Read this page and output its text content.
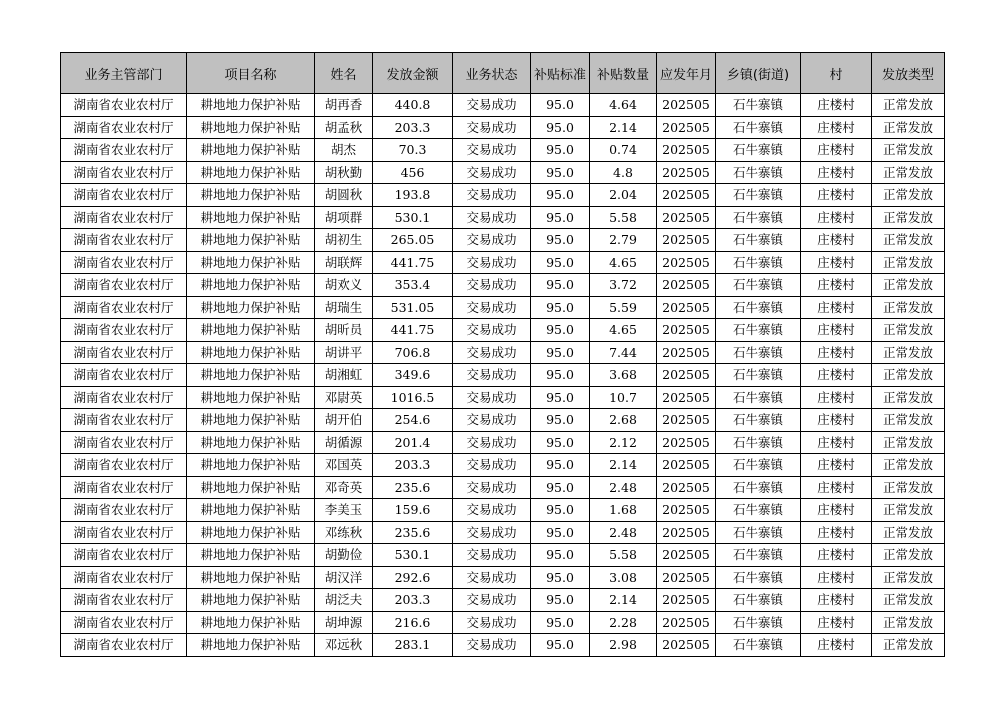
业务主管部门	项目名称	姓名	发放金额	业务状态	补贴标准	补贴数量	应发年月	乡镇(街道)	村	发放类型
湖南省农业农村厅	耕地地力保护补贴	胡再香	440.8	交易成功	95.0	4.64	202505	石牛寨镇	庄楼村	正常发放
湖南省农业农村厅	耕地地力保护补贴	胡孟秋	203.3	交易成功	95.0	2.14	202505	石牛寨镇	庄楼村	正常发放
湖南省农业农村厅	耕地地力保护补贴	胡杰	70.3	交易成功	95.0	0.74	202505	石牛寨镇	庄楼村	正常发放
湖南省农业农村厅	耕地地力保护补贴	胡秋勤	456	交易成功	95.0	4.8	202505	石牛寨镇	庄楼村	正常发放
湖南省农业农村厅	耕地地力保护补贴	胡圆秋	193.8	交易成功	95.0	2.04	202505	石牛寨镇	庄楼村	正常发放
湖南省农业农村厅	耕地地力保护补贴	胡项群	530.1	交易成功	95.0	5.58	202505	石牛寨镇	庄楼村	正常发放
湖南省农业农村厅	耕地地力保护补贴	胡初生	265.05	交易成功	95.0	2.79	202505	石牛寨镇	庄楼村	正常发放
湖南省农业农村厅	耕地地力保护补贴	胡联辉	441.75	交易成功	95.0	4.65	202505	石牛寨镇	庄楼村	正常发放
湖南省农业农村厅	耕地地力保护补贴	胡欢义	353.4	交易成功	95.0	3.72	202505	石牛寨镇	庄楼村	正常发放
湖南省农业农村厅	耕地地力保护补贴	胡瑞生	531.05	交易成功	95.0	5.59	202505	石牛寨镇	庄楼村	正常发放
湖南省农业农村厅	耕地地力保护补贴	胡昕员	441.75	交易成功	95.0	4.65	202505	石牛寨镇	庄楼村	正常发放
湖南省农业农村厅	耕地地力保护补贴	胡讲平	706.8	交易成功	95.0	7.44	202505	石牛寨镇	庄楼村	正常发放
湖南省农业农村厅	耕地地力保护补贴	胡湘虹	349.6	交易成功	95.0	3.68	202505	石牛寨镇	庄楼村	正常发放
湖南省农业农村厅	耕地地力保护补贴	邓尉英	1016.5	交易成功	95.0	10.7	202505	石牛寨镇	庄楼村	正常发放
湖南省农业农村厅	耕地地力保护补贴	胡开伯	254.6	交易成功	95.0	2.68	202505	石牛寨镇	庄楼村	正常发放
湖南省农业农村厅	耕地地力保护补贴	胡循源	201.4	交易成功	95.0	2.12	202505	石牛寨镇	庄楼村	正常发放
湖南省农业农村厅	耕地地力保护补贴	邓国英	203.3	交易成功	95.0	2.14	202505	石牛寨镇	庄楼村	正常发放
湖南省农业农村厅	耕地地力保护补贴	邓奇英	235.6	交易成功	95.0	2.48	202505	石牛寨镇	庄楼村	正常发放
湖南省农业农村厅	耕地地力保护补贴	李美玉	159.6	交易成功	95.0	1.68	202505	石牛寨镇	庄楼村	正常发放
湖南省农业农村厅	耕地地力保护补贴	邓练秋	235.6	交易成功	95.0	2.48	202505	石牛寨镇	庄楼村	正常发放
湖南省农业农村厅	耕地地力保护补贴	胡勤俭	530.1	交易成功	95.0	5.58	202505	石牛寨镇	庄楼村	正常发放
湖南省农业农村厅	耕地地力保护补贴	胡汉洋	292.6	交易成功	95.0	3.08	202505	石牛寨镇	庄楼村	正常发放
湖南省农业农村厅	耕地地力保护补贴	胡泛夫	203.3	交易成功	95.0	2.14	202505	石牛寨镇	庄楼村	正常发放
湖南省农业农村厅	耕地地力保护补贴	胡坤源	216.6	交易成功	95.0	2.28	202505	石牛寨镇	庄楼村	正常发放
湖南省农业农村厅	耕地地力保护补贴	邓远秋	283.1	交易成功	95.0	2.98	202505	石牛寨镇	庄楼村	正常发放
